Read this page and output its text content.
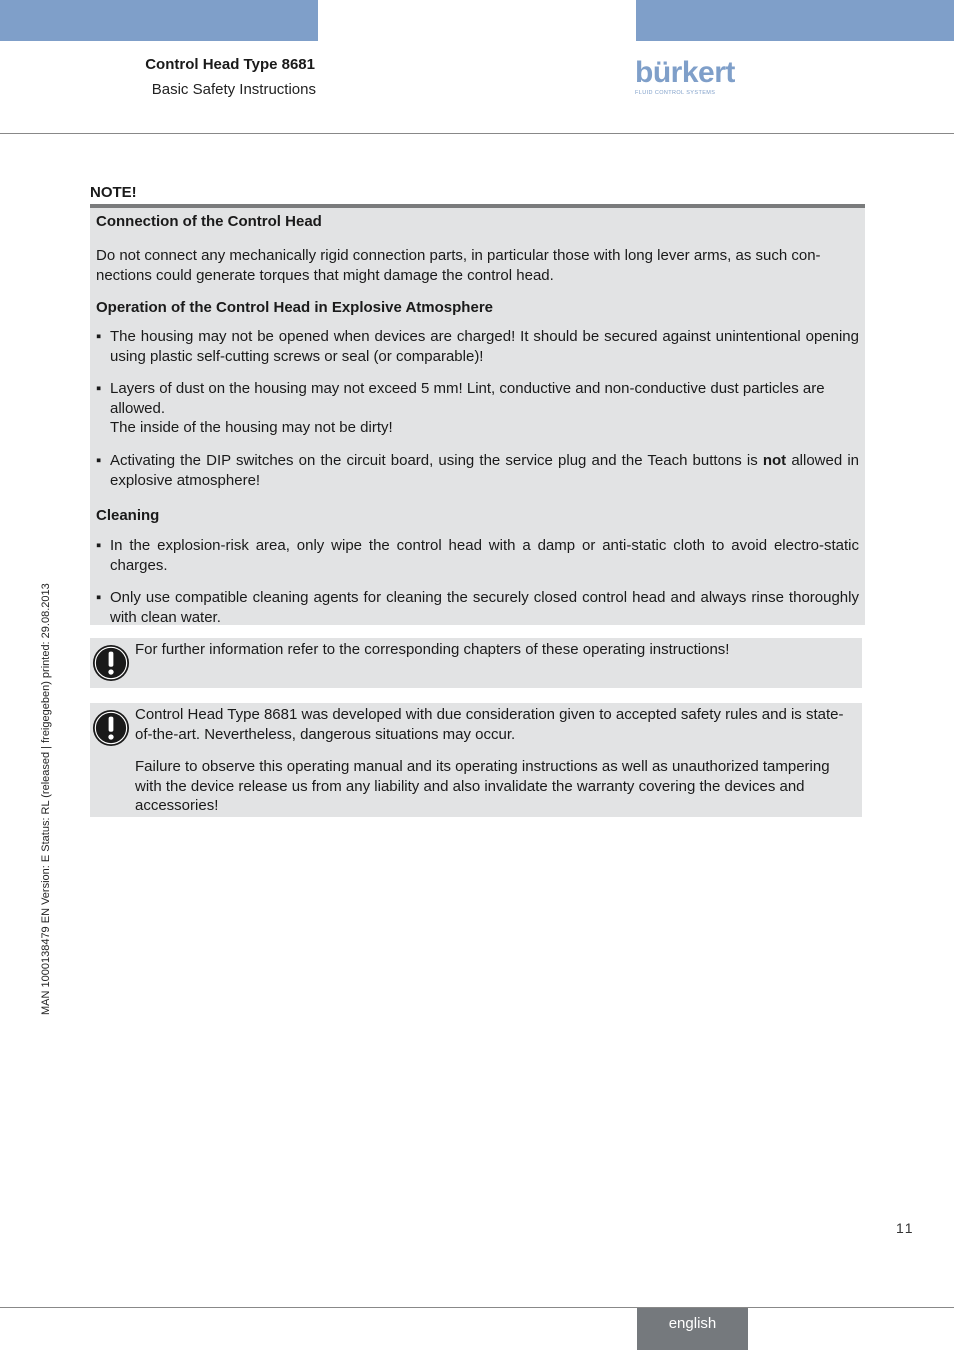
Control Head Type 8681
Basic Safety Instructions
bürkert
FLUID CONTROL SYSTEMS
MAN 1000138479 EN Version: E Status: RL (released | freigegeben) printed: 29.08.2013
NOTE!
Connection of the Control Head
Do not connect any mechanically rigid connection parts, in particular those with long lever arms, as such con-
nections could generate torques that might damage the control head.
Operation of the Control Head in Explosive Atmosphere
▪ The housing may not be opened when devices are charged! It should be secured against unintentional opening using plastic self-cutting screws or seal (or comparable)!
▪ Layers of dust on the housing may not exceed 5 mm! Lint, conductive and non-conductive dust particles are allowed.
The inside of the housing may not be dirty!
▪ Activating the DIP switches on the circuit board, using the service plug and the Teach buttons is not allowed in explosive atmosphere!
Cleaning
▪ In the explosion-risk area, only wipe the control head with a damp or anti-static cloth to avoid electro-static charges.
▪ Only use compatible cleaning agents for cleaning the securely closed control head and always rinse thoroughly with clean water.
For further information refer to the corresponding chapters of these operating instructions!
Control Head Type 8681 was developed with due consideration given to accepted safety rules and is state-
of-the-art. Nevertheless, dangerous situations may occur.
Failure to observe this operating manual and its operating instructions as well as unauthorized tampering with the device release us from any liability and also invalidate the warranty covering the devices and accessories!
11
english
